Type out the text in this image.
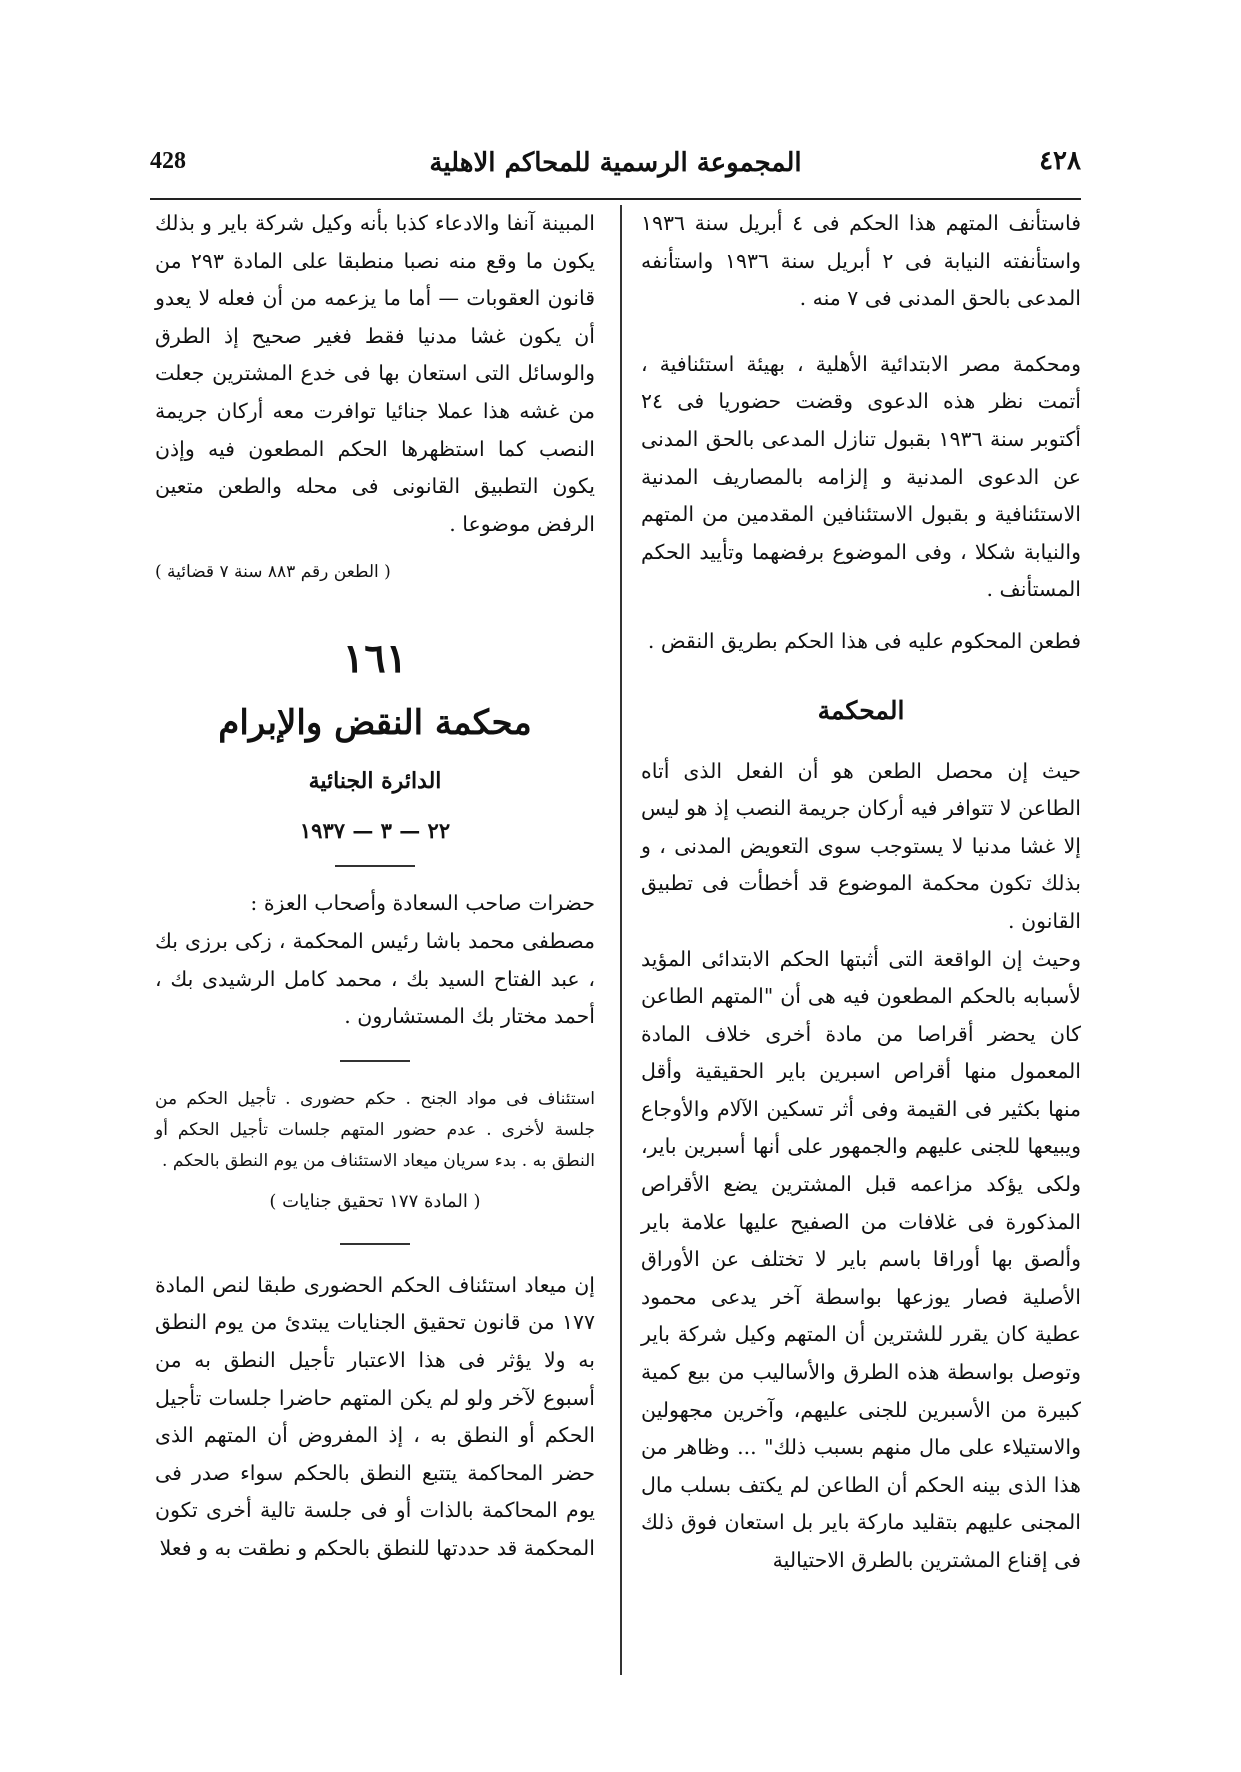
٤٢٨
المجموعة الرسمية للمحاكم الاهلية
428

فاستأنف المتهم هذا الحكم فى ٤ أبريل سنة ١٩٣٦ واستأنفته النيابة فى ٢ أبريل سنة ١٩٣٦ واستأنفه المدعى بالحق المدنى فى ٧ منه .

ومحكمة مصر الابتدائية الأهلية ، بهيئة استئنافية ، أتمت نظر هذه الدعوى وقضت حضوريا فى ٢٤ أكتوبر سنة ١٩٣٦ بقبول تنازل المدعى بالحق المدنى عن الدعوى المدنية و إلزامه بالمصاريف المدنية الاستئنافية و بقبول الاستئنافين المقدمين من المتهم والنيابة شكلا ، وفى الموضوع برفضهما وتأييد الحكم المستأنف .

فطعن المحكوم عليه فى هذا الحكم بطريق النقض .

المحكمة

حيث إن محصل الطعن هو أن الفعل الذى أتاه الطاعن لا تتوافر فيه أركان جريمة النصب إذ هو ليس إلا غشا مدنيا لا يستوجب سوى التعويض المدنى ، و بذلك تكون محكمة الموضوع قد أخطأت فى تطبيق القانون .

وحيث إن الواقعة التى أثبتها الحكم الابتدائى المؤيد لأسبابه بالحكم المطعون فيه هى أن "المتهم الطاعن كان يحضر أقراصا من مادة أخرى خلاف المادة المعمول منها أقراص اسبرين باير الحقيقية وأقل منها بكثير فى القيمة وفى أثر تسكين الآلام والأوجاع ويبيعها للجنى عليهم والجمهور على أنها أسبرين باير، ولكى يؤكد مزاعمه قبل المشترين يضع الأقراص المذكورة فى غلافات من الصفيح عليها علامة باير وألصق بها أوراقا باسم باير لا تختلف عن الأوراق الأصلية فصار يوزعها بواسطة آخر يدعى محمود عطية كان يقرر للشترين أن المتهم وكيل شركة باير وتوصل بواسطة هذه الطرق والأساليب من بيع كمية كبيرة من الأسبرين للجنى عليهم، وآخرين مجهولين والاستيلاء على مال منهم بسبب ذلك" ... وظاهر من هذا الذى بينه الحكم أن الطاعن لم يكتف بسلب مال المجنى عليهم بتقليد ماركة باير بل استعان فوق ذلك فى إقناع المشترين بالطرق الاحتيالية

المبينة آنفا والادعاء كذبا بأنه وكيل شركة باير و بذلك يكون ما وقع منه نصبا منطبقا على المادة ٢٩٣ من قانون العقوبات — أما ما يزعمه من أن فعله لا يعدو أن يكون غشا مدنيا فقط فغير صحيح إذ الطرق والوسائل التى استعان بها فى خدع المشترين جعلت من غشه هذا عملا جنائيا توافرت معه أركان جريمة النصب كما استظهرها الحكم المطعون فيه وإذن يكون التطبيق القانونى فى محله والطعن متعين الرفض موضوعا .

( الطعن رقم ٨٨٣ سنة ٧ قضائية )

١٦١
محكمة النقض والإبرام
الدائرة الجنائية
٢٢ — ٣ — ١٩٣٧

حضرات صاحب السعادة وأصحاب العزة :

مصطفى محمد باشا رئيس المحكمة ، زكى برزى بك ، عبد الفتاح السيد بك ، محمد كامل الرشيدى بك ، أحمد مختار بك المستشارون .

استئناف فى مواد الجنح . حكم حضورى . تأجيل الحكم من جلسة لأخرى . عدم حضور المتهم جلسات تأجيل الحكم أو النطق به . بدء سريان ميعاد الاستئناف من يوم النطق بالحكم .

( المادة ١٧٧ تحقيق جنايات )

إن ميعاد استئناف الحكم الحضورى طبقا لنص المادة ١٧٧ من قانون تحقيق الجنايات يبتدئ من يوم النطق به ولا يؤثر فى هذا الاعتبار تأجيل النطق به من أسبوع لآخر ولو لم يكن المتهم حاضرا جلسات تأجيل الحكم أو النطق به ، إذ المفروض أن المتهم الذى حضر المحاكمة يتتبع النطق بالحكم سواء صدر فى يوم المحاكمة بالذات أو فى جلسة تالية أخرى تكون المحكمة قد حددتها للنطق بالحكم و نطقت به و فعلا
